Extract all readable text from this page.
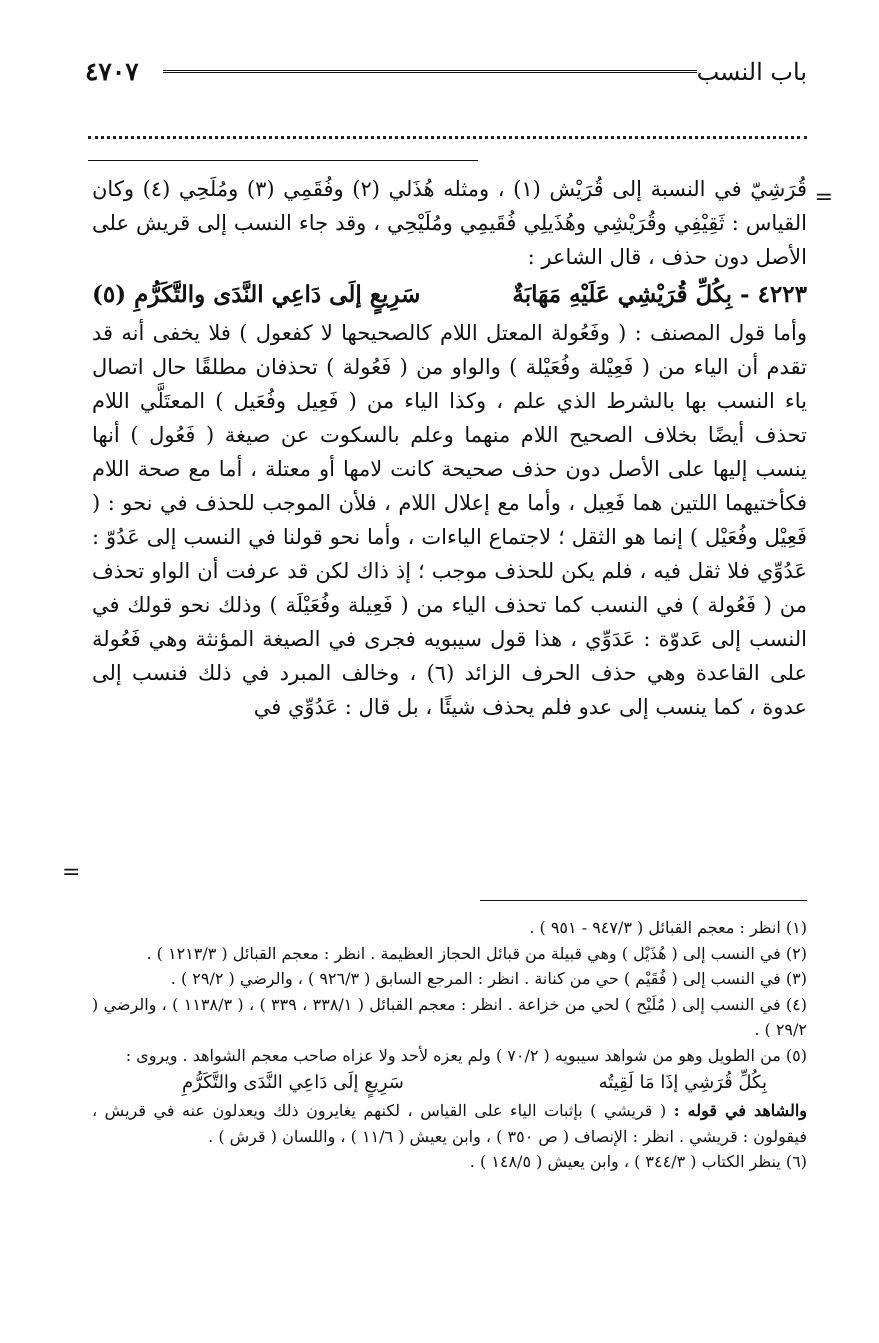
باب النسب
٤٧٠٧
=

قُرَشِيّ في النسبة إلى قُرَيْش (١) ، ومثله هُذَلي (٢) وفُقَمِي (٣) ومُلَحِي (٤) وكان القياس : ثَقِيْفِي وقُرَيْشِي وهُذَيلِي فُقَيمِي ومُلَيْحِي ، وقد جاء النسب إلى قريش على الأصل دون حذف ، قال الشاعر :

٤٢٢٣ - بِكُلِّ قُرَيْشِي عَلَيْهِ مَهَابَةٌ
سَرِيعٍ إلَى دَاعِي النَّدَى والتَّكَرُّمِ (٥)

وأما قول المصنف : ( وفَعُولة المعتل اللام كالصحيحها لا كفعول ) فلا يخفى أنه قد تقدم أن الياء من ( فَعِيْلة وفُعَيْلة ) والواو من ( فَعُولة ) تحذفان مطلقًا حال اتصال ياء النسب بها بالشرط الذي علم ، وكذا الياء من ( فَعِيل وفُعَيل ) المعتَلَّي اللام تحذف أيضًا بخلاف الصحيح اللام منهما وعلم بالسكوت عن صيغة ( فَعُول ) أنها ينسب إليها على الأصل دون حذف صحيحة كانت لامها أو معتلة ، أما مع صحة اللام فكأختيهما اللتين هما فَعِيل ، وأما مع إعلال اللام ، فلأن الموجب للحذف في نحو : ( فَعِيْل وفُعَيْل ) إنما هو الثقل ؛ لاجتماع الياءات ، وأما نحو قولنا في النسب إلى عَدُوّ : عَدُوِّي فلا ثقل فيه ، فلم يكن للحذف موجب ؛ إذ ذاك لكن قد عرفت أن الواو تحذف من ( فَعُولة ) في النسب كما تحذف الياء من ( فَعِيلة وفُعَيْلَة ) وذلك نحو قولك في النسب إلى عَدوّة : عَدَوِّي ، هذا قول سيبويه فجرى في الصيغة المؤنثة وهي فَعُولة على القاعدة وهي حذف الحرف الزائد (٦) ، وخالف المبرد في ذلك فنسب إلى عدوة ، كما ينسب إلى عدو فلم يحذف شيئًا ، بل قال : عَدُوِّي في

=

(١) انظر : معجم القبائل ( ٩٤٧/٣ - ٩٥١ ) .

(٢) في النسب إلى ( هُذَيْل ) وهي قبيلة من قبائل الحجاز العظيمة . انظر : معجم القبائل ( ١٢١٣/٣ ) .

(٣) في النسب إلى ( فُقَيْم ) حي من كنانة . انظر : المرجع السابق ( ٩٢٦/٣ ) ، والرضي ( ٢٩/٢ ) .

(٤) في النسب إلى ( مُلَيْح ) لحي من خزاعة . انظر : معجم القبائل ( ٣٣٨/١ ، ٣٣٩ ) ، ( ١١٣٨/٣ ) ، والرضي ( ٢٩/٢ ) .

(٥) من الطويل وهو من شواهد سيبويه ( ٧٠/٢ ) ولم يعزه لأحد ولا عزاه صاحب معجم الشواهد . ويروى :

بِكُلِّ قُرَشِي إذَا مَا لَقِيتُه
سَرِيعٍ إلَى دَاعِي النَّدَى والتَّكَرُّمِ

والشاهد في قوله : ( قريشي ) بإثبات الياء على القياس ، لكنهم يغايرون ذلك ويعدلون عنه في قريش ، فيقولون : قريشي . انظر : الإنصاف ( ص ٣٥٠ ) ، وابن يعيش ( ١١/٦ ) ، واللسان ( قرش ) .

(٦) ينظر الكتاب ( ٣٤٤/٣ ) ، وابن يعيش ( ١٤٨/٥ ) .
